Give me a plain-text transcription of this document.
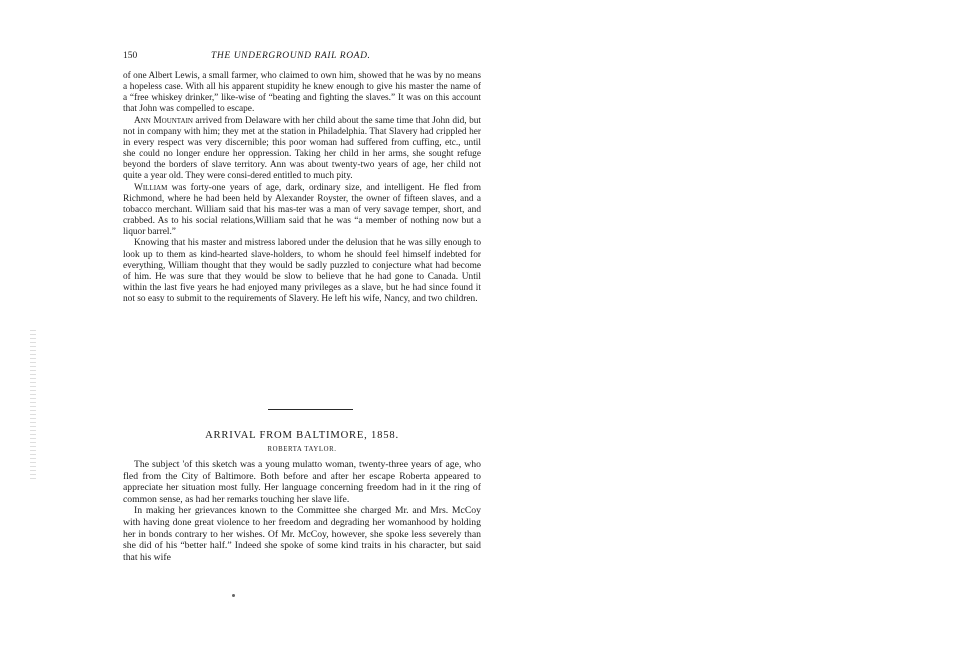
150	THE UNDERGROUND RAIL ROAD.

of one Albert Lewis, a small farmer, who claimed to own him, showed that he was by no means a hopeless case. With all his apparent stupidity he knew enough to give his master the name of a “free whiskey drinker,” like-wise of “beating and fighting the slaves.” It was on this account that John was compelled to escape.

Ann Mountain arrived from Delaware with her child about the same time that John did, but not in company with him; they met at the station in Philadelphia. That Slavery had crippled her in every respect was very discernible; this poor woman had suffered from cuffing, etc., until she could no longer endure her oppression. Taking her child in her arms, she sought refuge beyond the borders of slave territory. Ann was about twenty-two years of age, her child not quite a year old. They were consi-dered entitled to much pity.

William was forty-one years of age, dark, ordinary size, and intelligent. He fled from Richmond, where he had been held by Alexander Royster, the owner of fifteen slaves, and a tobacco merchant. William said that his mas-ter was a man of very savage temper, short, and crabbed. As to his social relations,William said that he was “a member of nothing now but a liquor barrel.”

Knowing that his master and mistress labored under the delusion that he was silly enough to look up to them as kind-hearted slave-holders, to whom he should feel himself indebted for everything, William thought that they would be sadly puzzled to conjecture what had become of him. He was sure that they would be slow to believe that he had gone to Canada. Until within the last five years he had enjoyed many privileges as a slave, but he had since found it not so easy to submit to the requirements of Slavery. He left his wife, Nancy, and two children.

ARRIVAL FROM BALTIMORE, 1858.
ROBERTA TAYLOR.

The subject 'of this sketch was a young mulatto woman, twenty-three years of age, who fled from the City of Baltimore. Both before and after her escape Roberta appeared to appreciate her situation most fully. Her language concerning freedom had in it the ring of common sense, as had her remarks touching her slave life.

In making her grievances known to the Committee she charged Mr. and Mrs. McCoy with having done great violence to her freedom and degrading her womanhood by holding her in bonds contrary to her wishes. Of Mr. McCoy, however, she spoke less severely than she did of his “better half.” Indeed she spoke of some kind traits in his character, but said that his wife
